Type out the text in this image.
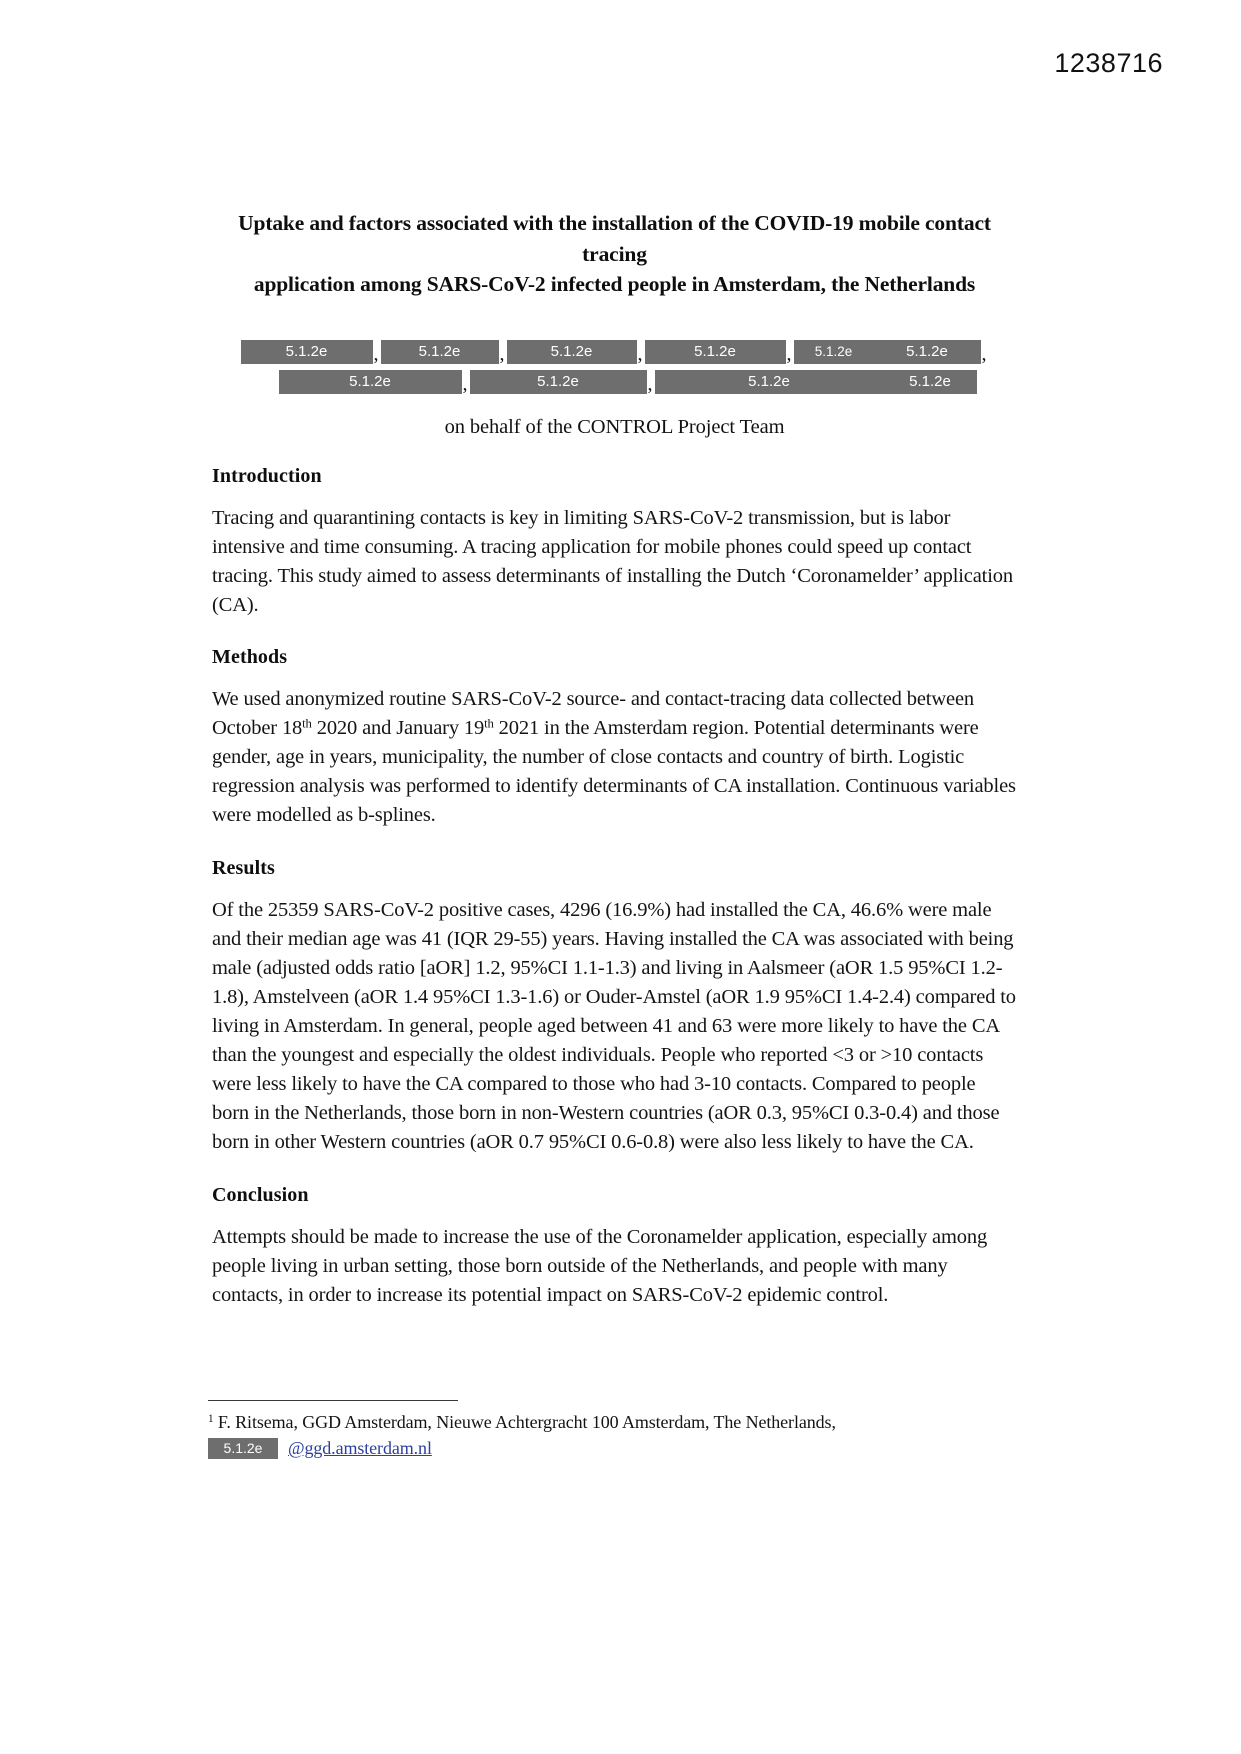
1238716
Uptake and factors associated with the installation of the COVID-19 mobile contact tracing
application among SARS-CoV-2 infected people in Amsterdam, the Netherlands
5.1.2e	,	5.1.2e	,	5.1.2e	,	5.1.2e	,	5.1.2e	5.1.2e	,
5.1.2e	,	5.1.2e	,	5.1.2e	5.1.2e
on behalf of the CONTROL Project Team
Introduction

Tracing and quarantining contacts is key in limiting SARS-CoV-2 transmission, but is labor intensive and time consuming. A tracing application for mobile phones could speed up contact tracing. This study aimed to assess determinants of installing the Dutch ‘Coronamelder’ application (CA).

Methods

We used anonymized routine SARS-CoV-2 source- and contact-tracing data collected between October 18th 2020 and January 19th 2021 in the Amsterdam region. Potential determinants were gender, age in years, municipality, the number of close contacts and country of birth. Logistic regression analysis was performed to identify determinants of CA installation. Continuous variables were modelled as b-splines.

Results

Of the 25359 SARS-CoV-2 positive cases, 4296 (16.9%) had installed the CA, 46.6% were male and their median age was 41 (IQR 29-55) years. Having installed the CA was associated with being male (adjusted odds ratio [aOR] 1.2, 95%CI 1.1-1.3) and living in Aalsmeer (aOR 1.5 95%CI 1.2-1.8), Amstelveen (aOR 1.4 95%CI 1.3-1.6) or Ouder-Amstel (aOR 1.9 95%CI 1.4-2.4) compared to living in Amsterdam. In general, people aged between 41 and 63 were more likely to have the CA than the youngest and especially the oldest individuals. People who reported <3 or >10 contacts were less likely to have the CA compared to those who had 3-10 contacts. Compared to people born in the Netherlands, those born in non-Western countries (aOR 0.3, 95%CI 0.3-0.4) and those born in other Western countries (aOR 0.7 95%CI 0.6-0.8) were also less likely to have the CA.

Conclusion

Attempts should be made to increase the use of the Coronamelder application, especially among people living in urban setting, those born outside of the Netherlands, and people with many contacts, in order to increase its potential impact on SARS-CoV-2 epidemic control.

$^1$ F. Ritsema, GGD Amsterdam, Nieuwe Achtergracht 100 Amsterdam, The Netherlands,
5.1.2e	@ggd.amsterdam.nl
